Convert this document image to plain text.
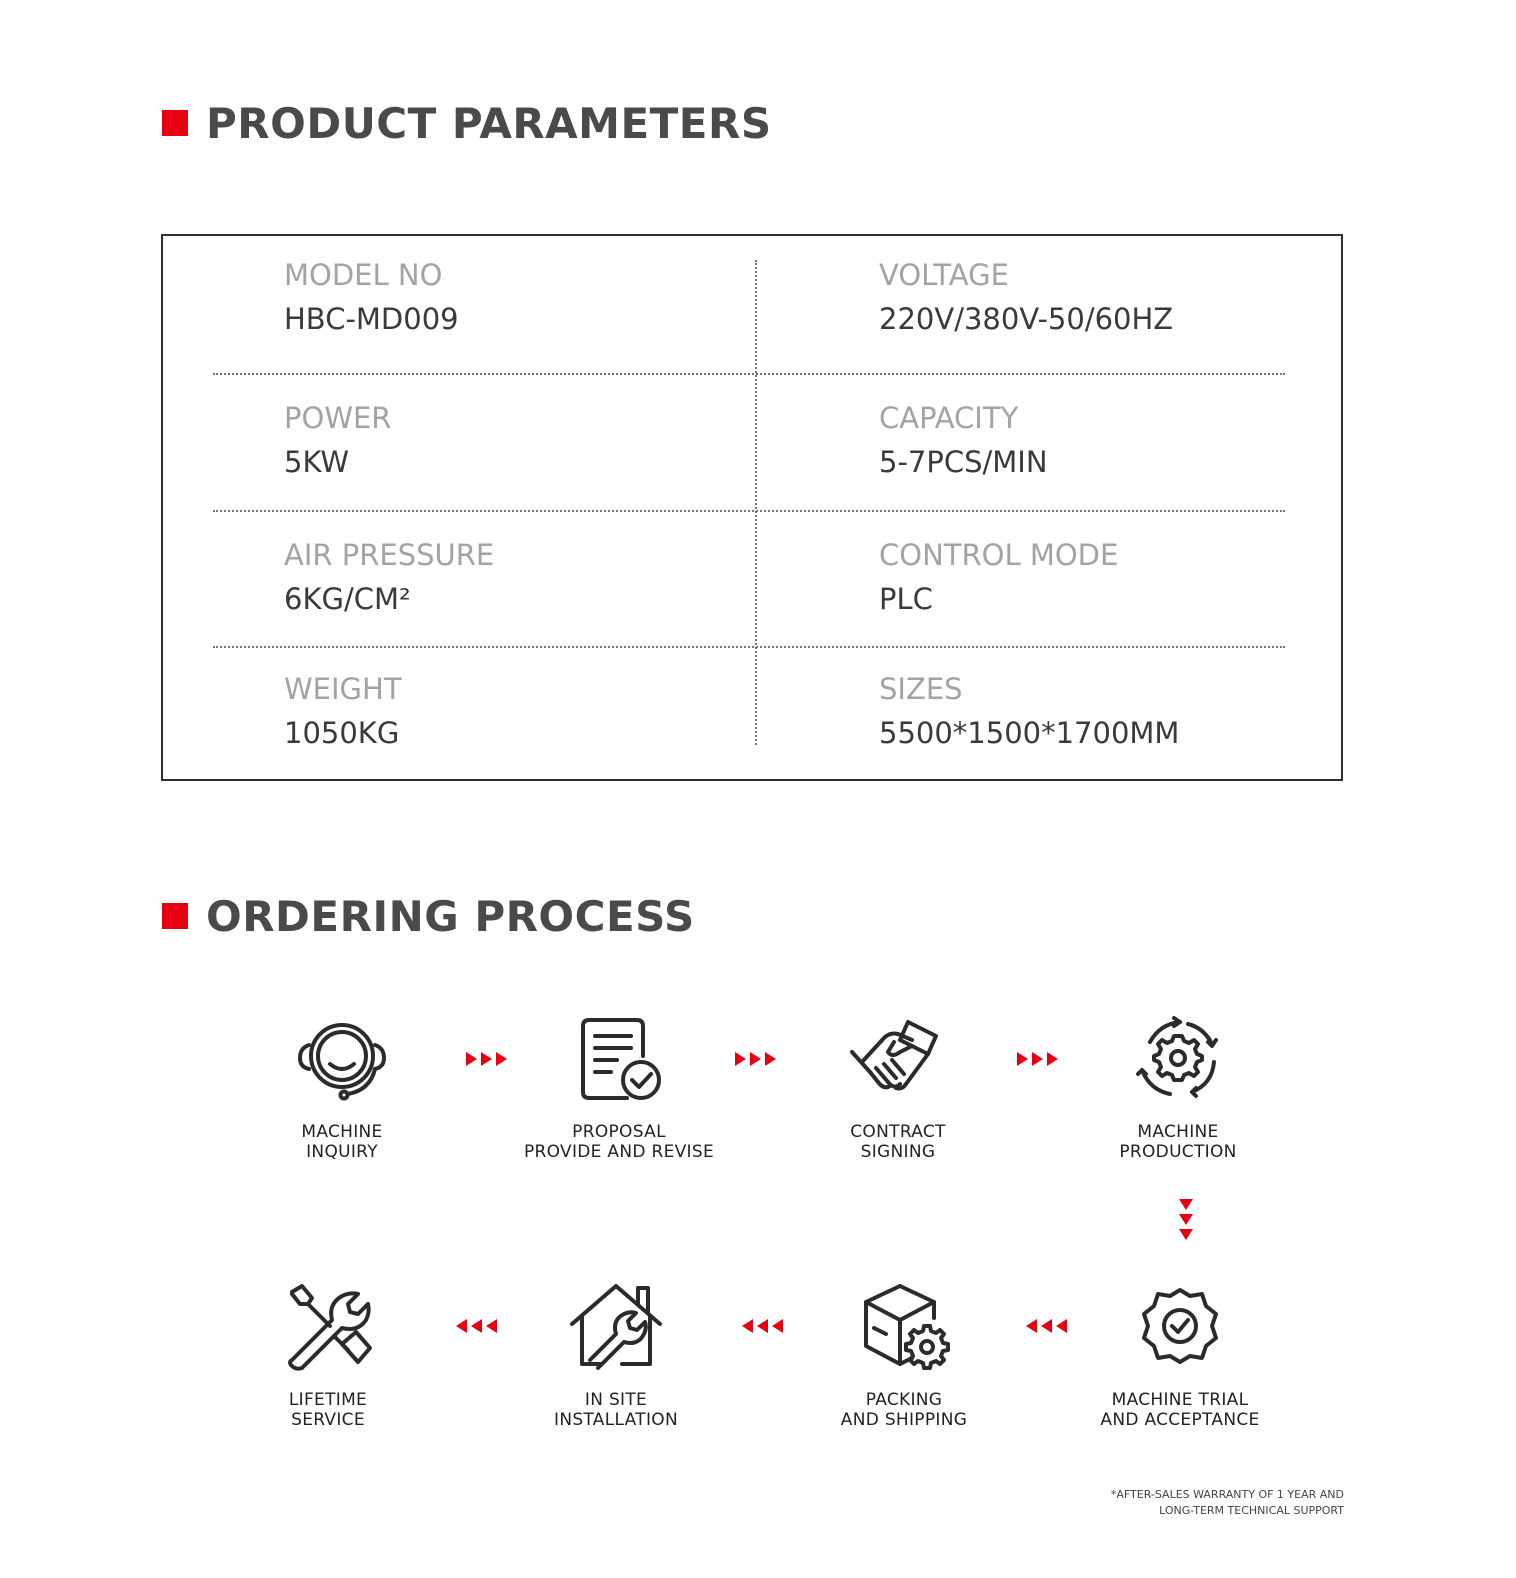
PRODUCT PARAMETERS
MODEL NO
HBC-MD009
VOLTAGE
220V/380V-50/60HZ
POWER
5KW
CAPACITY
5-7PCS/MIN
AIR PRESSURE
6KG/CM²
CONTROL MODE
PLC
WEIGHT
1050KG
SIZES
5500*1500*1700MM
ORDERING PROCESS
MACHINE
INQUIRY
PROPOSAL
PROVIDE AND REVISE
CONTRACT
SIGNING
MACHINE
PRODUCTION
MACHINE TRIAL
AND ACCEPTANCE
PACKING
AND SHIPPING
IN SITE
INSTALLATION
LIFETIME
SERVICE
*AFTER-SALES WARRANTY OF 1 YEAR AND
LONG-TERM TECHNICAL SUPPORT
